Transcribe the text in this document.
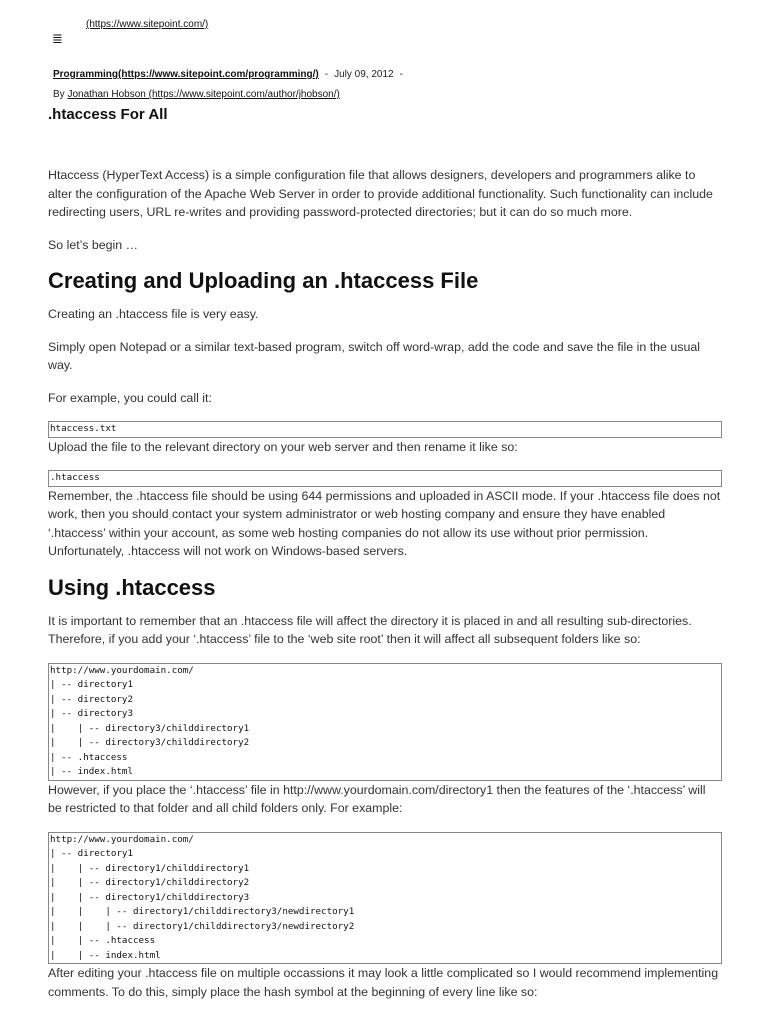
(https://www.sitepoint.com/)
≣
Programming(https://www.sitepoint.com/programming/) - July 09, 2012 -
By Jonathan Hobson (https://www.sitepoint.com/author/jhobson/)
.htaccess For All

Htaccess (HyperText Access) is a simple configuration file that allows designers, developers and programmers alike to alter the configuration of the Apache Web Server in order to provide additional functionality. Such functionality can include redirecting users, URL re-writes and providing password-protected directories; but it can do so much more.

So let’s begin …

Creating and Uploading an .htaccess File

Creating an .htaccess file is very easy.

Simply open Notepad or a similar text-based program, switch off word-wrap, add the code and save the file in the usual way.

For example, you could call it:

htaccess.txt

Upload the file to the relevant directory on your web server and then rename it like so:

.htaccess

Remember, the .htaccess file should be using 644 permissions and uploaded in ASCII mode. If your .htaccess file does not work, then you should contact your system administrator or web hosting company and ensure they have enabled ‘.htaccess’ within your account, as some web hosting companies do not allow its use without prior permission. Unfortunately, .htaccess will not work on Windows-based servers.

Using .htaccess

It is important to remember that an .htaccess file will affect the directory it is placed in and all resulting sub-directories. Therefore, if you add your ‘.htaccess’ file to the ‘web site root’ then it will affect all subsequent folders like so:

http://www.yourdomain.com/
| -- directory1
| -- directory2
| -- directory3
|    | -- directory3/childdirectory1
|    | -- directory3/childdirectory2
| -- .htaccess
| -- index.html

However, if you place the ‘.htaccess’ file in http://www.yourdomain.com/directory1 then the features of the ‘.htaccess’ will be restricted to that folder and all child folders only. For example:

http://www.yourdomain.com/
| -- directory1
|    | -- directory1/childdirectory1
|    | -- directory1/childdirectory2
|    | -- directory1/childdirectory3
|    |    | -- directory1/childdirectory3/newdirectory1
|    |    | -- directory1/childdirectory3/newdirectory2
|    | -- .htaccess
|    | -- index.html

After editing your .htaccess file on multiple occassions it may look a little complicated so I would recommend implementing comments. To do this, simply place the hash symbol at the beginning of every line like so:
